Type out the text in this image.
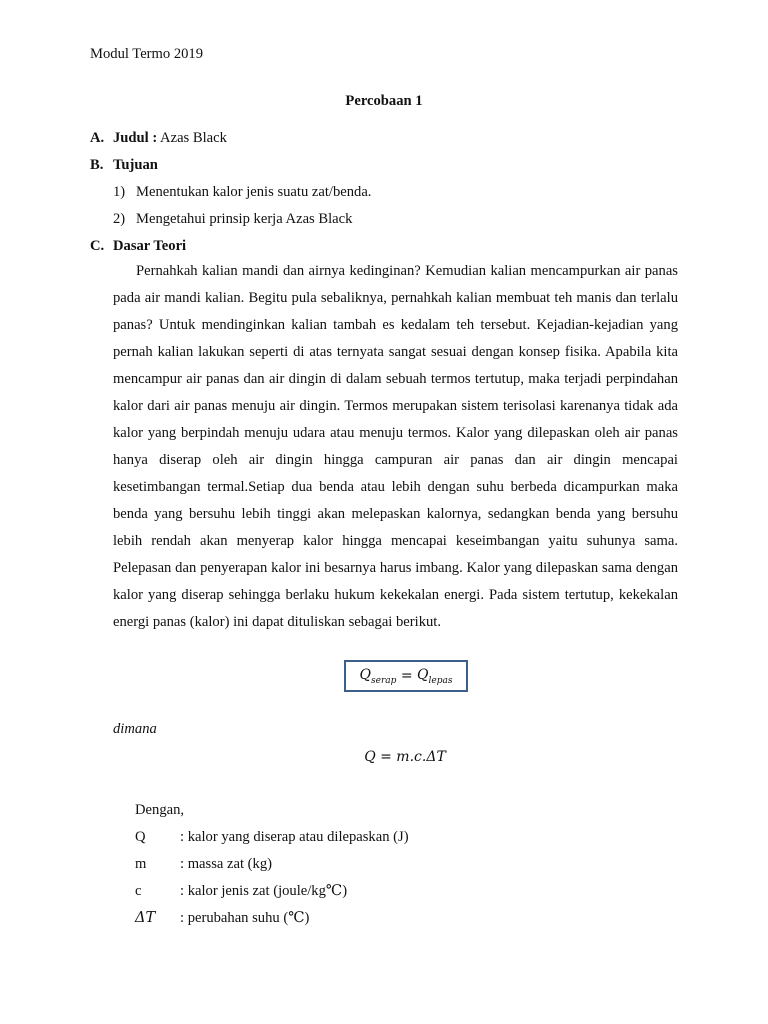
Modul Termo 2019
Percobaan 1
A. Judul : Azas Black
B. Tujuan
1) Menentukan kalor jenis suatu zat/benda.
2) Mengetahui prinsip kerja Azas Black
C. Dasar Teori

Pernahkah kalian mandi dan airnya kedinginan? Kemudian kalian mencampurkan air panas pada air mandi kalian. Begitu pula sebaliknya, pernahkah kalian membuat teh manis dan terlalu panas? Untuk mendinginkan kalian tambah es kedalam teh tersebut. Kejadian-kejadian yang pernah kalian lakukan seperti di atas ternyata sangat sesuai dengan konsep fisika. Apabila kita mencampur air panas dan air dingin di dalam sebuah termos tertutup, maka terjadi perpindahan kalor dari air panas menuju air dingin. Termos merupakan sistem terisolasi karenanya tidak ada kalor yang berpindah menuju udara atau menuju termos. Kalor yang dilepaskan oleh air panas hanya diserap oleh air dingin hingga campuran air panas dan air dingin mencapai kesetimbangan termal.Setiap dua benda atau lebih dengan suhu berbeda dicampurkan maka benda yang bersuhu lebih tinggi akan melepaskan kalornya, sedangkan benda yang bersuhu lebih rendah akan menyerap kalor hingga mencapai keseimbangan yaitu suhunya sama. Pelepasan dan penyerapan kalor ini besarnya harus imbang. Kalor yang dilepaskan sama dengan kalor yang diserap sehingga berlaku hukum kekekalan energi. Pada sistem tertutup, kekekalan energi panas (kalor) ini dapat dituliskan sebagai berikut.

$Q_{serap} = Q_{lepas}$
dimana
Q = m.c.ΔT
Dengan,
Q : kalor yang diserap atau dilepaskan (J)
m : massa zat (kg)
c	: kalor jenis zat (joule/kg℃)
ΔT : perubahan suhu (℃)
